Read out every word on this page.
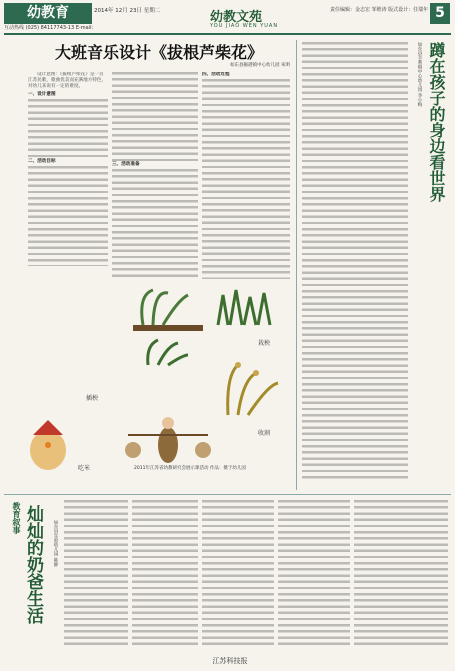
幼教育
互动热线 (025) 84117743-13 E-mail:
2014年 12月 23日 星期二	幼教文苑
YOU JIAO WEN YUAN
责任编辑：金志宏 邹维涛 版式设计：任瑞年 5
大班音乐设计《拔根芦柴花》
如东县掘港镇中心幼儿园 朱明

设计意图：《拔根芦柴花》是一首江苏民歌，歌曲优美而充满地方特色，对幼儿来说有一定的难度。

一、设计意图

二、活动目标

三、活动准备

四、活动过程

插秧
栽秧
收割
吃米	2011年江苏省幼教研究会展示课活动 作品：摄于幼儿园
如东县丰利镇中心幼儿园 李小梅 蹲在孩子的身边看世界
教育叙事 灿灿的奶爸生活	如东县实验幼儿园 陈静
江苏科技报
